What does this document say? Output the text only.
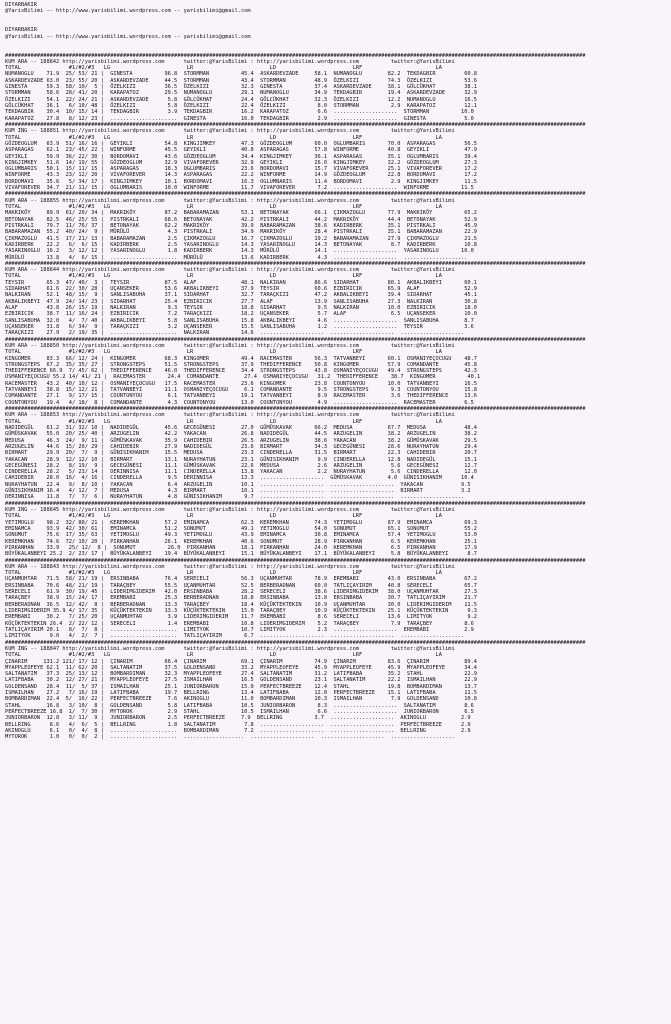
DIYARBAKIR
@YarisBilimi -- http://www.yarisbilimi.wordpress.com -- yarisbilimi@gmail.com

DIYARBAKIR
@YarisBilimi -- http://www.yarisbilimi.wordpress.com -- yarisbilimi@gmail.com

######################################################################################################################################################################################
KUM ARA -- 188842 http://yarisbilimi.wordpress.com      twitter:@YarisBilimi : http://yarisbilimi.wordpress.com          twitter:@YarisBilimi
TOTAL               #1/#2/#3   LG                        LR                        LD                        LRF                       LA
NUMANOGLU    71.9  25/ 53/ 21 |  GINESTA          96.8  STORMMAN          45.4  ASKARDEVZADE     58.1  NUMANOGLU        82.2  TEKDAGBIR         60.8
ASKARDEVZADE 63.0  23/ 55/ 20 |  ASKARDEVZADE     44.5  STORMMAN          43.4  STORMMAN         48.9  ÖZELKIZI         74.3  ÖZELKIZI          53.6
GINESTA      59.3  58/ 10/  5 |  ÖZELKIZI         36.5  ÖZELKIZI          32.3  GINESTA          37.4  ASKARDEVZADE     38.1  GÖLCÜKHAT         38.1
STORMMAN     58.6  28/ 41/ 20 |  KARAPATOZ        29.5  NUMANOGLU         29.1  NUMANOGLU        34.9  TEKDAGBIR        19.4  ASKARDEVZADE      32.9
ÖZELKIZI     54.1  22/ 24/ 21 |  ASKARDEVZADE      5.8  GÖLCÜKHAT         24.4  GÖLCÜKHAT        32.3  ÖZELKIZI         12.2  NUMANOGLU         16.5
GÖLCÜKHAT    36.1   6/ 10/ 48 |  ÖZELKIZI          5.8  ÖZELKIZI          22.4  ÖZELKIZI          8.0  STORMMAN          2.9  KARAPATOZ         12.1
TEKDAGBIR    30.4  10/ 15/ 14 |  TEKDAGBIR         3.9  TEKDAGBIR         16.2  KARAPATOZ         6.6  ....................  STORMMAN          10.0
KARAPATOZ    27.8   8/ 12/ 23 |  .....................  GINESTA           16.0  TEKDAGBIR         2.9  ....................  GINESTA            5.0
######################################################################################################################################################################################
KUM ING -- 188851 http://yarisbilimi.wordpress.com      twitter:@YarisBilimi : http://yarisbilimi.wordpress.com          twitter:@YarisBilimi
TOTAL               #1/#2/#3   LG                        LR                        LD                        LRF                       LA
GÖZDEOGLUM   63.9  51/ 16/ 16 |  GEYIKLI          54.8  KINGJIMKEY        47.3  GÖZDEOGLUM       60.0  OGLUMBARIS       70.0  ASPARAGAS         56.5
ASPARAGAS    62.1  23/ 45/ 22 |  WINFORME         45.5  GEYIKLI           40.8  ASPARAGAS        57.8  WINFORME         40.8  GEYIKLI           47.9
GEYIKLI      59.9  36/ 22/ 30 |  BORDOMAVI        43.6  GÖZDEOGLUM        34.4  KINGJIMKEY       36.1  ASPARAGAS        35.1  OGLUMBARIS        39.4
KINGJIMKEY   51.6  14/ 19/ 55 |  GÖZDEOGLUM       32.9  VIVAFOREVER       32.9  GEYIKLI          26.0  KINGJIMKEY       32.2  GÖZDEOGLUM        27.3
OGLUMBARIS   50.1  15/ 11/ 15 |  ASPARAGAS        18.3  OGLUMBARIS        23.6  BORDOMAVI        15.7  VIVAFOREVER      25.1  VIVAFOREVER       17.2
WINFORME     43.3  23/ 12/ 20 |  VIVAFOREVER      14.3  ASPARAGAS         22.2  WINFORME         14.9  GÖZDEOGLUM       22.8  BORDOMAVI         17.2
BORDOMAVI    35.6   5/ 34/ 17 |  KINGJIMKEY       10.1  BORDOMAVI         16.3  OGLUMBARIS       11.4  BORDOMAVI         2.9  KINGJIMKEY        11.5
VIVAFOREVER  34.7  21/ 11/ 15 |  OGLUMBARIS       10.0  WINFORME          11.7  VIVAFOREVER       7.2  ....................  WINFORME          11.5
######################################################################################################################################################################################
KUM ARA -- 188855 http://yarisbilimi.wordpress.com      twitter:@YarisBilimi : http://yarisbilimi.wordpress.com          twitter:@YarisBilimi
TOTAL               #1/#2/#3   LG                        LR                        LD                        LRF                       LA
MAKRIKÖY     89.9  61/ 20/ 34 |  MAKRIKÖY         87.2  BABARAMAZAN       53.1  BETONAYAK        66.1  ÇIKMAZOGLU       77.9  MAKRIKÖY          65.2
BETONAYAK    82.5  46/ 25/ 55 |  PISTRKALI        68.6  BETONAYAK         42.2  PISTRKALI        44.2  MAKRIKÖY         44.4  BETONAYAK         52.9
PISTRKALI    79.7  11/ 76/ 37 |  BETONAYAK        62.2  MAKRIKÖY          39.9  BABARAMAZAN      38.6  KADIRBERK        35.1  PISTRKALI         45.9
BABARAMAZAN  55.2  40/ 24/  9 |  MÜRÜLÜ            4.3  PISTRKALI         34.9  MAKRIKÖY         28.4  PISTRKALI        35.1  BABARAMAZAN       22.9
ÇIKMAZOGLU   41.5  17/ 21/ 13 |  BABARAMAZAN       2.5  ÇIKMAZOGLU        16.7  ÇIKMAZOGLU       19.2  BABARAMAZAN      27.9  ÇIKMAZOGLU        21.5
KADIRBERK    22.2   6/  6/ 15 |  KADIRBERK         2.5  YASARINOGLU       14.3  YASARINOGLU      14.3  BETONAYAK         8.7  KADIRBERK         10.8
YASARINOGLU  16.2   3/ 12/ 12 |  YASARINOGLU       1.8  KADIRBERK         14.3  MÜRÜLÜ           14.1  ....................  YASARINOGLU       10.0
MÜRÜLÜ       13.8   4/  6/ 15 |  .....................  MÜRÜLÜ            13.6  KADIRBERK         4.3  ....................  ....................
######################################################################################################################################################################################
KUM ARA -- 188844 http://yarisbilimi.wordpress.com      twitter:@YarisBilimi : http://yarisbilimi.wordpress.com          twitter:@YarisBilimi
TOTAL               #1/#2/#3   LG                        LR                        LD                        LRF                       LA
TEYSIR       65.3  47/ 40/  3 |  TEYSIR           87.5  ALAF              48.1  NALKIRAN         86.6  SIDARHAT         80.1  AKBALIKBEYI       60.1
SIDARHAT     61.6  22/ 30/ 28 |  UÇANSEKER        53.6  AKBALIKBEYI       37.9  TEYSIR           60.6  EZBIRICIK        65.9  ALAF              52.9
NALKIRAN     52.1  48/ 15/  9 |  SANLISABUHA      37.1  SIDARHAT          32.7  TARAÇKIZI        47.2  AKBALIKBEYI      39.4  SIDARHAT          45.1
AKBALIKBEYI  47.9  24/ 14/ 23 |  SIDARHAT         25.4  EZBIRICIK         27.7  ALAF             13.9  SANLISABUHA      27.3  NALKIRAN          30.8
ALAF         43.8  26/ 15/ 19 |  NALKIRAN          9.3  TEYSIR            18.8  SIDARHAT          9.5  NALKIRAN         10.0  EZBIRICIK         18.0
EZBIRICIK    38.7  11/ 16/ 24 |  EZBIRICIK         7.2  TARAÇKIZI         18.2  UÇANSEKER         5.7  ALAF              6.5  UÇANSEKER         10.0
SANLISABUHA  32.0   4/  7/ 40 |  AKBALIKBEYI       5.8  SANLISABUHA       15.8  AKBALIKBEYI       4.6  ....................  SANLISABUHA        8.7
UÇANSEKER    31.8   6/ 34/  9 |  TARAÇKIZI         3.2  UÇANSEKER         15.5  SANLISABUHA       1.2  ....................  TEYSIR             3.6
TARAÇKIZI    27.9   2/ 19/ 35 |  .....................  NALKIRAN          14.6  ....................  ....................  ....................
######################################################################################################################################################################################
KUM ARA -- 188850 http://yarisbilimi.wordpress.com      twitter:@YarisBilimi : http://yarisbilimi.wordpress.com          twitter:@YarisBilimi
TOTAL               #1/#2/#3   LG                        LR                        LD                        LRF                       LA
KINGOMER     83.3  66/ 12/ 24 |  KINGOMER         68.3  KINGOMER          49.4  RACEMASTER       56.3  TATVANBEYI       60.1  OSMANIYEÇOCUGU    48.7
STRONGSTEPS  67.2  35/ 35/ 27 |  STRONGSTEPS      51.5  STRONGSTEPS       37.9  THEDIFFERENCE    50.8  KINGOMER         57.9  COMANDANTE        45.8
THEDIFFERENCE 66.9  7/ 45/ 62 |  THEDIFFERENCE    46.0  THEDIFFERENCE     34.4  STRONGSTEPS      43.8  OSMANIYEÇOCUGU   49.4  STRONGSTEPS       42.3
OSMANIYEÇOCUGU 55.2 14/ 41/ 21 |  RACEMASTER       24.4  COMANDANTE        27.4  OSMANIYEÇOCUGU   31.2  THEDIFFERENCE    38.7  KINGOMER          40.1
RACEMASTER   43.2  40/ 10/ 12 |  OSMANIYEÇOCUGU   17.5  RACEMASTER        23.6  KINGOMER         23.8  COUNTONYOU       10.0  TATVANBEYI        16.5
TATVANBEYI   38.8  15/ 12/ 21 |  TATVANBEYI       11.1  OSMANIYEÇOCUGU     6.1  COMANDANTE        9.5  STRONGSTEPS       9.3  COUNTONYOU        15.8
COMANDANTE   27.1   9/ 17/ 15 |  COUNTONYOU        6.1  TATVANBEYI        19.1  TATVANBEYI        8.9  RACEMASTER        3.6  THEDIFFERENCE     13.6
COUNTONYOU   19.4   4/ 18/  8 |  COMANDANTE        4.3  COUNTONYOU        13.0  COUNTONYOU        4.9  ....................  RACEMASTER         6.5
######################################################################################################################################################################################
KUM ARA -- 188853 http://yarisbilimi.wordpress.com      twitter:@YarisBilimi : http://yarisbilimi.wordpress.com          twitter:@YarisBilimi
TOTAL               #1/#2/#3   LG                        LR                        LD                        LRF                       LA
NADIDEGÜL    61.2  31/ 32/ 10 |  NADIDEGÜL        45.6  GECEGÜNESI        27.0  GÜMÜSKAVAK       66.2  MEDUSA           67.7  MEDUSA            48.4
GÜMÜSKAVAK   55.0  20/ 25/ 40 |  ARZUGELIN        42.2  YAKACAN           26.8  NADIDEGÜL        44.5  ARZUGELIN        38.2  ARZUGELIN         38.2
MEDUSA       46.3  24/  9/ 11 |  GÜMÜSKAVAK       35.9  CAHIDEBIR         26.5  ARZUGELIN        38.6  YAKACAN          38.2  GÜMÜSKAVAK        29.5
ARZUGELIN    44.6  15/ 20/ 29 |  CAHIDEBIR        27.9  NADIDEGÜL         23.6  BIRMART          34.3  GECEGÜNESI       28.6  NURAYHATUN        29.4
BIRMART      29.9  20/  7/  9 |  GÜNISIKHANIM     15.5  MEDUSA            23.3  CINDERELLA       31.5  BIRMART          22.3  CAHIDEBIR         20.7
YAKACAN      28.9  12/ 12/ 10 |  BIRMART          13.1  NURAYHATUN        23.1  GÜNISIKHANIM      9.9  CINDERELLA       12.8  NADIDEGÜL         15.1
GECEGÜNESI   28.2   8/ 19/  9 |  GECEGÜNESI       11.1  GÜMÜSKAVAK        22.6  MEDUSA            2.6  ARZUGELIN         5.6  GECEGÜNESI        12.7
CINDERELLA   28.2   5/ 23/ 14 |  DERINNISA        11.1  CINDERELLA        13.8  YAKACAN           2.2  NURAYHATUN        5.6  CINDERELLA        12.0
CAHIDEBIR    28.0  16/  4/ 16 |  CINDERELLA        9.5  DERINNISA         13.3  ....................  GÜMÜSKAVAK        4.0  GÜNISIKHANIM      10.4
NURAYHATUN   22.4   9/  8/ 10 |  YAKACAN           6.4  ARZUGELIN         10.1  ....................  ....................  YAKACAN            9.5
GÜNISIKHANIM 16.4   4/ 12/  7 |  MEDUSA            4.3  BIRMART           10.1  ....................  ....................  BIRMART            3.2
DERINNISA    11.8   7/  7/  6 |  NURAYHATUN        4.8  GÜNISIKHANIM       9.7  ....................  ....................  ....................
######################################################################################################################################################################################
KUM ING -- 188845 http://yarisbilimi.wordpress.com      twitter:@YarisBilimi : http://yarisbilimi.wordpress.com          twitter:@YarisBilimi
TOTAL               #1/#2/#3   LG                        LR                        LD                        LRF                       LA
YETIMOGLU    98.2  32/ 80/ 21 |  KEREMKHAN        57.2  EMINAMCA          62.3  KEREMKHAN        74.3  YETIMOGLU        87.9  EMINAMCA          69.3
EMINAMCA     93.9  42/ 30/ 61 |  EMINAMCA         51.2  SONUMUT           49.1  YETIMOGLU        54.0  SONUMUT          65.1  SONUMUT           55.2
SONUMUT      75.6  17/ 35/ 63 |  YETIMOGLU        49.3  YETIMOGLU         43.9  EMINAMCA         30.8  EMINAMCA         57.4  YETIMOGLU         53.0
KEREMKHAN    74.6  72/ 10/ 20 |  PIRKANHAN        26.1  KEREMKHAN         40.6  SONUMUT          28.9  PIRKANHAN         6.5  KEREMKHAN         25.1
PIRKANHAN    33.9   25/ 12/  8 |  SONUMUT          26.0  PIRKANHAN        18.1  PIRKANHAN        24.0  KEREMKHAN         6.5  PIRKANHAN         17.9
BÜYÜKALANBEYI 25.2  2/ 23/ 17 |  BÜYÜKALANBEYI    19.4  BÜYÜKALANBEYI     15.1  BÜYÜKALANBEYI    17.1  BÜYÜKALANBEYI     5.8  BÜYÜKALANBEYI      8.7
######################################################################################################################################################################################
KUM ARA -- 188843 http://yarisbilimi.wordpress.com      twitter:@YarisBilimi : http://yarisbilimi.wordpress.com          twitter:@YarisBilimi
TOTAL               #1/#2/#3   LG                        LR                        LD                        LRF                       LA
UÇANMUHTAR   71.5  58/ 21/ 19 |  ERSINBABA        76.4  SERECELI          56.3  UÇANMUHTAR       78.9  EREMBABI         43.0  ERSINBABA         67.2
ERSINBABA    70.6  48/ 21/ 19 |  TARAÇBEY         55.5  UÇANMUHTAR        52.5  BERBERADNAN      60.0  TATLIÇAYIRIM     40.8  SERECELI          65.7
SERECELI     61.9  30/ 19/ 45 |  LIDERIMGIDERIM   42.0  ERSINBABA         28.2  SERECELI         38.6  LIDERIMGIDERIM   38.0  UÇANMUHTAR        27.3
TARAÇBEY     38.9  15/ 24/ 17 |  EREMBABI         25.3  BERBERADNAN       18.8  ERSINBABA        13.8  ERSINBABA        30.7  TATLIÇAYIRIM      21.7
BERBERADNAN  36.5  12/ 42/  8 |  BERBERADNAN      13.3  TARAÇBEY          18.4  KÜÇÜKTEKTEKIN    10.9  UÇANMUHTAR       30.0  LIDERIMGIDERIM    11.5
LIDERIMGIDERIM 35.9 4/ 17/ 35 |  KÜÇÜKTEKTEKIN    13.3  KÜÇÜKTEKTEKIN     15.0  TARAÇBEY         10.9  KÜÇÜKTEKTEKIN    25.1  KÜÇÜKTEKTEKIN      9.3
EREMBABI     30.2   7/ 25/ 20 |  UÇANMUHTAR        3.9  LIDERIMGIDERIM    11.7  EREMBABI          8.6  SERECELI         13.6  LIMITYOK           9.2
KÜÇÜKTEKTEKIN 26.4  2/ 22/ 12 |  SERECELI          1.4  EREMBABI          10.8  LIDERIMGIDERIM    5.2  TARAÇBEY          7.9  TARAÇBEY          8.6
TATLIÇAYIRIM 20.1   8/  7/  8 |  .....................  LIMITYOK          10.7  LIMITYOK          2.3  ....................  EREMBABI           2.9
LIMITYOK      9.0   4/  2/  7 |  .....................  TATLIÇAYIRIM       6.7  ....................  ....................  ....................
######################################################################################################################################################################################
KUM ING -- 188847 http://yarisbilimi.wordpress.com      twitter:@YarisBilimi : http://yarisbilimi.wordpress.com          twitter:@YarisBilimi
TOTAL               #1/#2/#3   LG                        LR                        LD                        LRF                       LA
ÇINARIM     131.2 121/ 17/ 12 |  ÇINARIM          66.4  ÇINARIM           69.1  ÇINARIM          74.9  ÇINARIM          83.6  ÇINARIM           89.4
MYAPPLEOFEYE 62.1  11/ 62/ 20 |  SALTANATIM       37.5  GOLDENSAND        33.2  MYAPPLEOFEYE     45.9  MYAPPLEOFEYE     45.9  MYAPPLEOFEYE      34.4
SALTANATIM   37.3  25/ 13/ 12 |  BOMBARDIMAN      32.3  MYAPPLEOFEYE      27.4  SALTANATIM       31.2  LATIFBABA        35.2  STAHL             22.9
LATIFBABA    30.2  12/ 27/ 21 |  MYAPPLEOFEYE     27.5  ISMAILHAN         16.5  GOLDENSAND       23.1  SALTANATIM       22.2  ISMAILHAN         22.9
GOLDENSAND   28.4  11/  5/ 37 |  ISMAILHAN        25.1  JUNIORBARON       15.0  PERFECTBREEZE    12.4  STAHL            19.8  BOMBARDIMAN       13.7
ISMAILHAN    27.2   7/ 16/ 19 |  LATIFBABA        19.7  BELLRING          13.4  LATIFBABA        12.0  PERFECTBREEZE    15.1  LATIFBABA         11.5
BOMBARDIMAN  22.4  5/  16/ 22 |  PERFECTBREEZE     7.6  AKINOGLU          11.0  BOMBARDIMAN      10.3  ISMAILHAN         7.9  GOLDENSAND        10.8
STAHL        16.8   3/ 10/  8 |  GOLDENSAND        5.8  LATIFBABA         10.5  JUNIORBARON       8.3  ....................  SALTANATIM         8.6
PERFECTBREEZE 16.8  1/  7/ 30 |  MYTOROK           2.9  STAHL             10.5  ISMAILHAN         6.6  ....................  JUNIORBARON        6.5
JUNIORBARON  12.8   3/ 11/  9 |  JUNIORBARON       2.5  PERFECTBREEZE     7.9  BELLRING          3.7  ....................  AKINOGLU           2.9
BELLRING      8.6   4/  6/  5 |  BELLRING          1.8  SALTANATIM         7.8  ....................  ....................  PERFECTBREEZE      2.9
AKINOGLU      6.1   0/  4/  8 |  .....................  BOMBARDIMAN        7.2  ....................  ....................  BELLRING           2.9
MYTOROK       1.0   0/  0/  2 |  .....................  ...................  ....................  ....................  ....................
